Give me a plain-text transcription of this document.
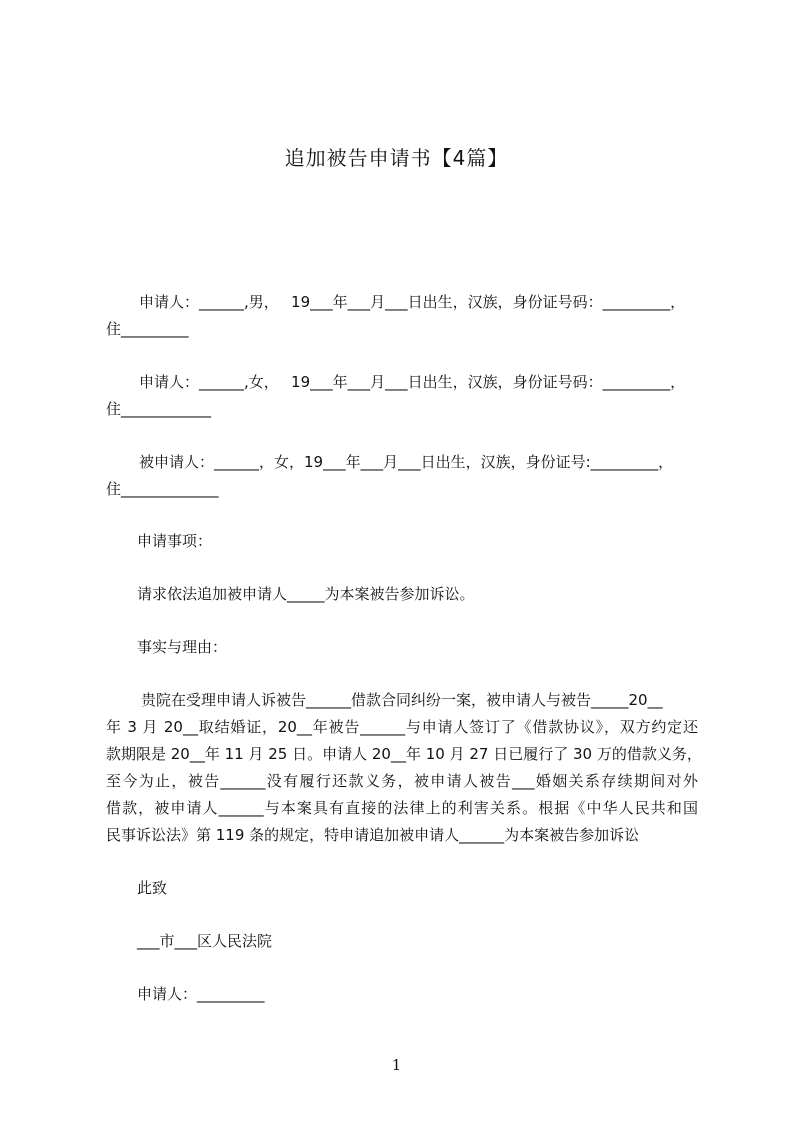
追加被告申请书【4篇】
申请人：______,男，　 19___年___月___日出生，汉族，身份证号码：_________，
住_________
申请人：______,女，　 19___年___月___日出生，汉族，身份证号码：_________，
住____________
被申请人：______，女，19___年___月___日出生，汉族，身份证号:_________，
住_____________
申请事项：
请求依法追加被申请人_____为本案被告参加诉讼。
事实与理由：
贵院在受理申请人诉被告______借款合同纠纷一案，被申请人与被告_____20__
年 3 月 20__取结婚证，20__年被告______与申请人签订了《借款协议》，双方约定还
款期限是 20__年 11 月 25 日。申请人 20__年 10 月 27 日已履行了 30 万的借款义务，
至今为止，被告______没有履行还款义务，被申请人被告___婚姻关系存续期间对外
借款，被申请人______与本案具有直接的法律上的利害关系。根据《中华人民共和国
民事诉讼法》第 119 条的规定，特申请追加被申请人______为本案被告参加诉讼
此致
___市___区人民法院
申请人：_________
1
